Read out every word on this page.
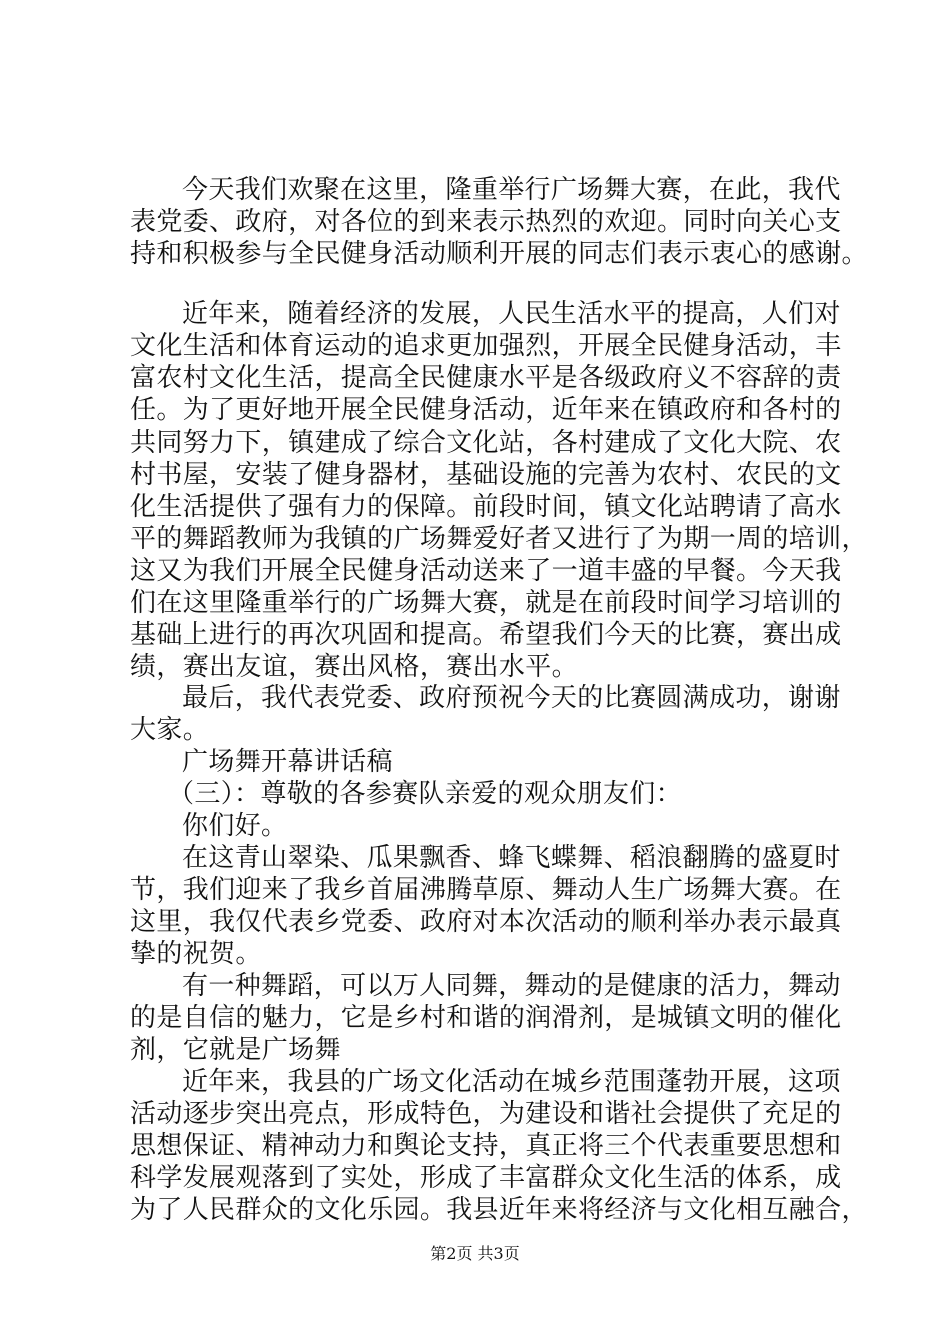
今天我们欢聚在这里，隆重举行广场舞大赛，在此，我代
表党委、政府，对各位的到来表示热烈的欢迎。同时向关心支
持和积极参与全民健身活动顺利开展的同志们表示衷心的感谢。
近年来，随着经济的发展，人民生活水平的提高，人们对
文化生活和体育运动的追求更加强烈，开展全民健身活动，丰
富农村文化生活，提高全民健康水平是各级政府义不容辞的责
任。为了更好地开展全民健身活动，近年来在镇政府和各村的
共同努力下，镇建成了综合文化站，各村建成了文化大院、农
村书屋，安装了健身器材，基础设施的完善为农村、农民的文
化生活提供了强有力的保障。前段时间，镇文化站聘请了高水
平的舞蹈教师为我镇的广场舞爱好者又进行了为期一周的培训，
这又为我们开展全民健身活动送来了一道丰盛的早餐。今天我
们在这里隆重举行的广场舞大赛，就是在前段时间学习培训的
基础上进行的再次巩固和提高。希望我们今天的比赛，赛出成
绩，赛出友谊，赛出风格，赛出水平。
最后，我代表党委、政府预祝今天的比赛圆满成功，谢谢
大家。
广场舞开幕讲话稿
（三）：尊敬的各参赛队亲爱的观众朋友们：
你们好。
在这青山翠染、瓜果飘香、蜂飞蝶舞、稻浪翻腾的盛夏时
节，我们迎来了我乡首届沸腾草原、舞动人生广场舞大赛。在
这里，我仅代表乡党委、政府对本次活动的顺利举办表示最真
挚的祝贺。
有一种舞蹈，可以万人同舞，舞动的是健康的活力，舞动
的是自信的魅力，它是乡村和谐的润滑剂，是城镇文明的催化
剂，它就是广场舞
近年来，我县的广场文化活动在城乡范围蓬勃开展，这项
活动逐步突出亮点，形成特色，为建设和谐社会提供了充足的
思想保证、精神动力和舆论支持，真正将三个代表重要思想和
科学发展观落到了实处，形成了丰富群众文化生活的体系，成
为了人民群众的文化乐园。我县近年来将经济与文化相互融合，
第2页 共3页
